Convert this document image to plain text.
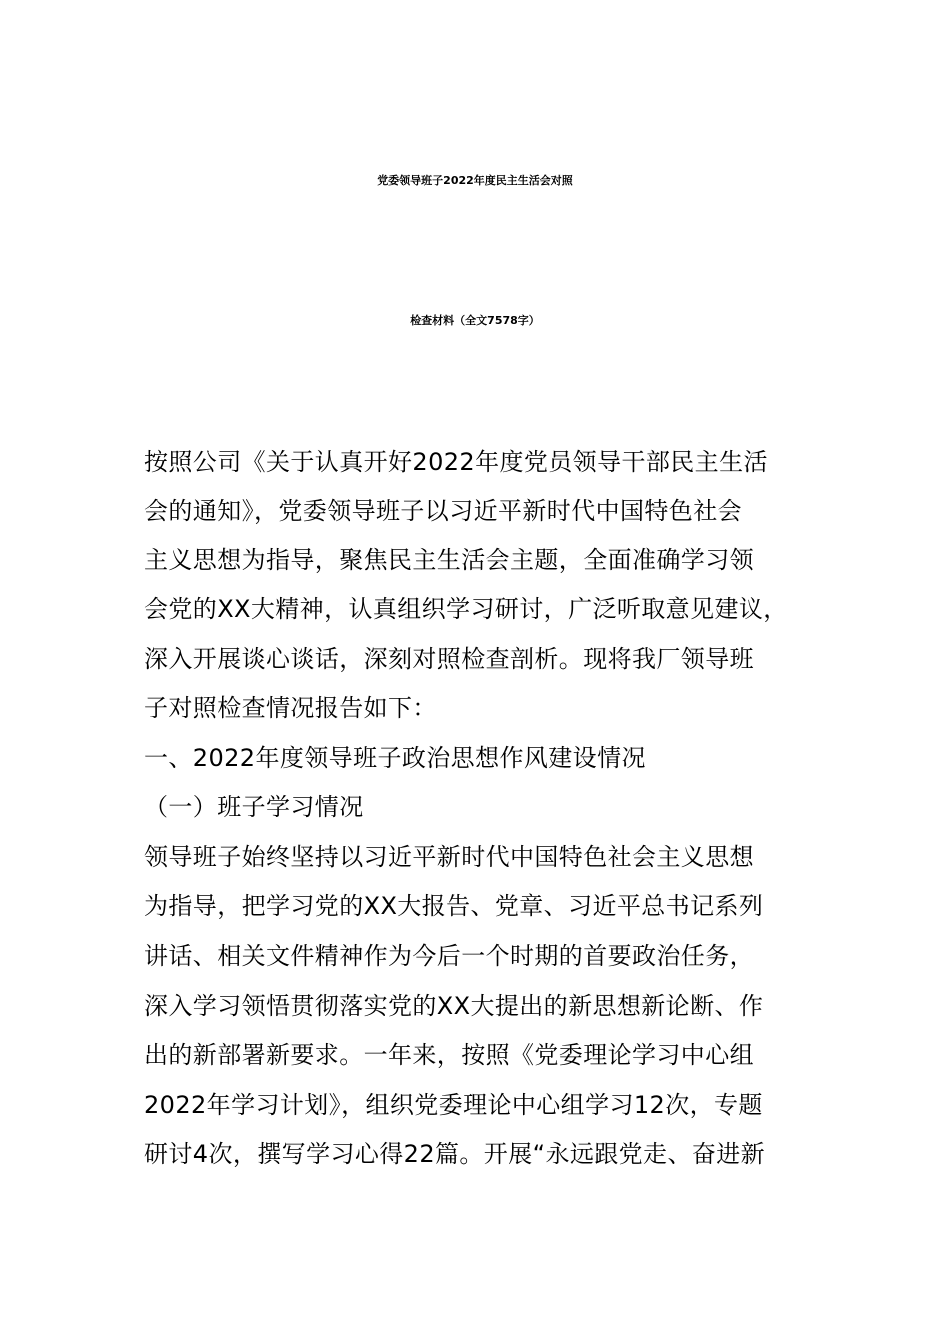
党委领导班子2022年度民主生活会对照
检查材料（全文7578字）
按照公司《关于认真开好2022年度党员领导干部民主生活
会的通知》，党委领导班子以习近平新时代中国特色社会
主义思想为指导，聚焦民主生活会主题，全面准确学习领
会党的XX大精神，认真组织学习研讨，广泛听取意见建议，
深入开展谈心谈话，深刻对照检查剖析。现将我厂领导班
子对照检查情况报告如下：
一、2022年度领导班子政治思想作风建设情况
（一）班子学习情况
领导班子始终坚持以习近平新时代中国特色社会主义思想
为指导，把学习党的XX大报告、党章、习近平总书记系列
讲话、相关文件精神作为今后一个时期的首要政治任务，
深入学习领悟贯彻落实党的XX大提出的新思想新论断、作
出的新部署新要求。一年来，按照《党委理论学习中心组
2022年学习计划》，组织党委理论中心组学习12次，专题
研讨4次，撰写学习心得22篇。开展“永远跟党走、奋进新
